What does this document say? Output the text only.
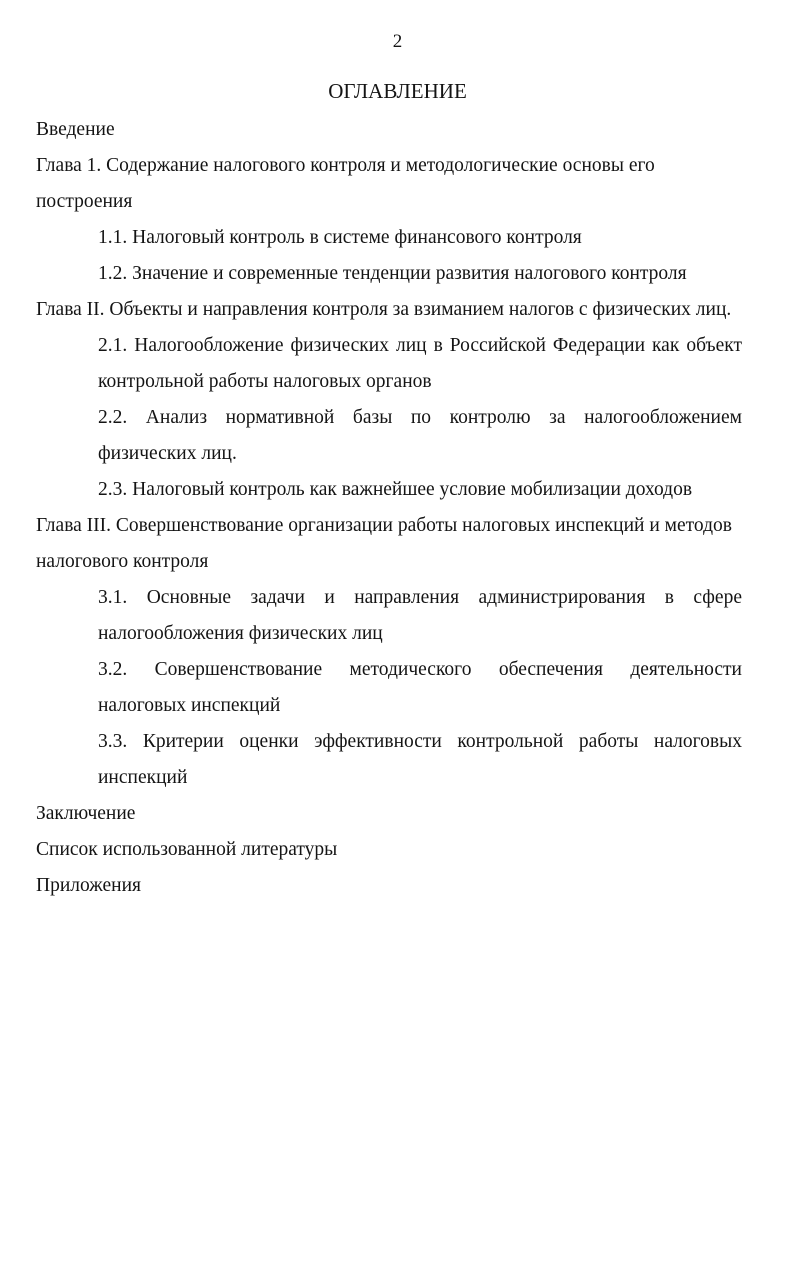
2
ОГЛАВЛЕНИЕ

Введение

Глава 1. Содержание налогового контроля и методологические основы его построения

1.1. Налоговый контроль в системе финансового контроля

1.2. Значение и современные тенденции развития налогового контроля

Глава II. Объекты и направления контроля за взиманием налогов с физических лиц.

2.1. Налогообложение физических лиц в Российской Федерации как объект контрольной работы налоговых органов

2.2. Анализ нормативной базы по контролю за налогообложением физических лиц.

2.3. Налоговый контроль как важнейшее условие мобилизации доходов

Глава III. Совершенствование организации работы налоговых инспекций и методов налогового контроля

3.1. Основные задачи и направления администрирования в сфере налогообложения физических лиц

3.2. Совершенствование методического обеспечения деятельности налоговых инспекций

3.3. Критерии оценки эффективности контрольной работы налоговых инспекций

Заключение

Список использованной литературы

Приложения
